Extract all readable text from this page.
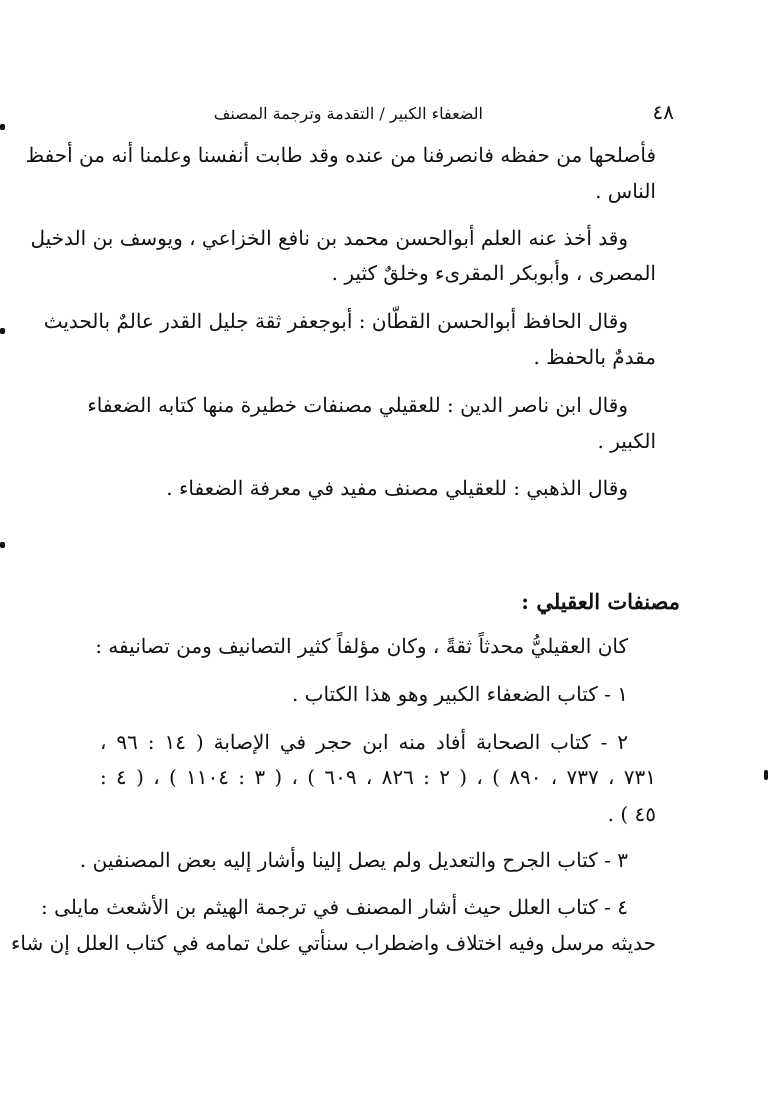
٤٨
الضعفاء الكبير / التقدمة وترجمة المصنف
فأصلحها من حفظه فانصرفنا من عنده وقد طابت أنفسنا وعلمنا أنه من أحفظ
الناس .
وقد أخذ عنه العلم أبوالحسن محمد بن نافع الخزاعي ، ويوسف بن الدخيل
المصرى ، وأبوبكر المقرىء وخلقٌ كثير .
وقال الحافظ أبوالحسن القطّان : أبوجعفر ثقة جليل القدر عالمٌ بالحديث
مقدمٌ بالحفظ .
وقال ابن ناصر الدين : للعقيلي مصنفات خطيرة منها كتابه الضعفاء
الكبير .
وقال الذهبي : للعقيلي مصنف مفيد في معرفة الضعفاء .
مصنفات العقيلي :
كان العقيليُّ محدثاً ثقةً ، وكان مؤلفاً كثير التصانيف ومن تصانيفه :
١ - كتاب الضعفاء الكبير وهو هذا الكتاب .
٢ - كتاب الصحابة أفاد منه ابن حجر في الإصابة ( ١٤ : ٩٦ ،
٧٣١ ، ٧٣٧ ، ٨٩٠ ) ، ( ٢ : ٨٢٦ ، ٦٠٩ ) ، ( ٣ : ١١٠٤ ) ، ( ٤ :
٤٥ ) .
٣ - كتاب الجرح والتعديل ولم يصل إلينا وأشار إليه بعض المصنفين .
٤ - كتاب العلل حيث أشار المصنف في ترجمة الهيثم بن الأشعث مايلى :
حديثه مرسل وفيه اختلاف واضطراب سنأتي علىٰ تمامه في كتاب العلل إن شاء
